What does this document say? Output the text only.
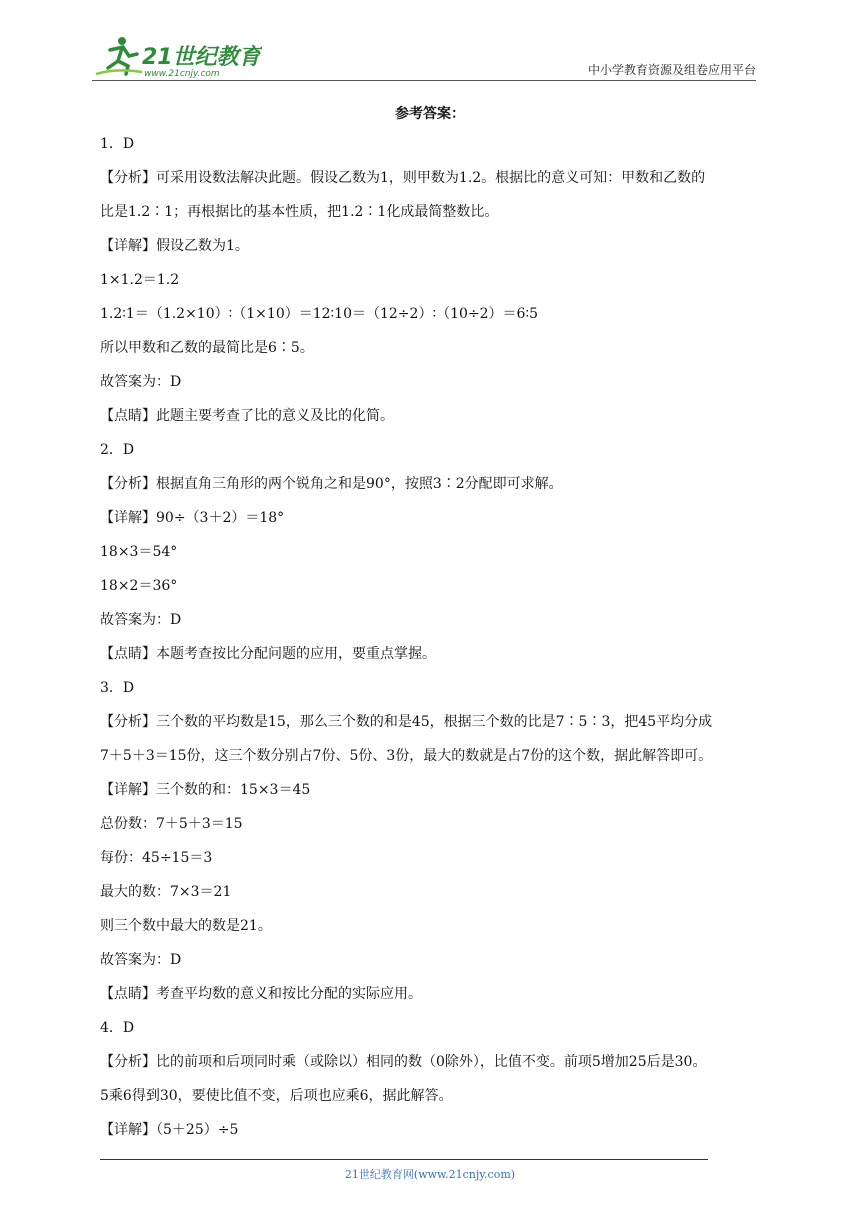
21世纪教育
www.21cnjy.com	中小学教育资源及组卷应用平台
参考答案：
1．D
【分析】可采用设数法解决此题。假设乙数为1，则甲数为1.2。根据比的意义可知：甲数和乙数的
比是1.2∶1；再根据比的基本性质，把1.2∶1化成最简整数比。
【详解】假设乙数为1。
1×1.2＝1.2
1.2∶1＝（1.2×10）∶（1×10）＝12∶10＝（12÷2）∶（10÷2）＝6∶5
所以甲数和乙数的最简比是6∶5。
故答案为：D
【点睛】此题主要考查了比的意义及比的化简。
2．D
【分析】根据直角三角形的两个锐角之和是90°，按照3∶2分配即可求解。
【详解】90÷（3＋2）＝18°
18×3＝54°
18×2＝36°
故答案为：D
【点睛】本题考查按比分配问题的应用，要重点掌握。
3．D
【分析】三个数的平均数是15，那么三个数的和是45，根据三个数的比是7∶5∶3，把45平均分成
7＋5＋3＝15份，这三个数分别占7份、5份、3份，最大的数就是占7份的这个数，据此解答即可。
【详解】三个数的和：15×3＝45
总份数：7＋5＋3＝15
每份：45÷15＝3
最大的数：7×3＝21
则三个数中最大的数是21。
故答案为：D
【点睛】考查平均数的意义和按比分配的实际应用。
4．D
【分析】比的前项和后项同时乘（或除以）相同的数（0除外），比值不变。前项5增加25后是30。
5乘6得到30，要使比值不变，后项也应乘6，据此解答。
【详解】（5＋25）÷5
21世纪教育网(www.21cnjy.com)
